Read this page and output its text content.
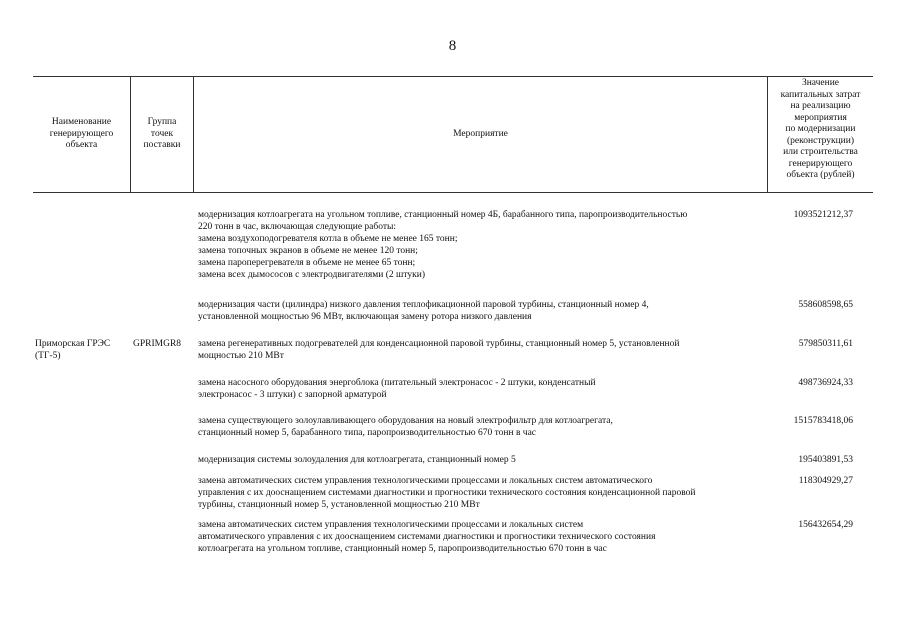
8
Наименование
генерирующего
объекта
Группа
точек
поставки
Мероприятие
Значение
капитальных затрат
на реализацию
мероприятия
по модернизации
(реконструкции)
или строительства
генерирующего
объекта (рублей)
Приморская ГРЭС
(ТГ-5)
GPRIMGR8
модернизация котлоагрегата на угольном топливе, станционный номер 4Б, барабанного типа, паропроизводительностью
220 тонн в час, включающая следующие работы:
замена воздухоподогревателя котла в объеме не менее 165 тонн;
замена топочных экранов в объеме не менее 120 тонн;
замена пароперегревателя в объеме не менее 65 тонн;
замена всех дымососов с электродвигателями (2 штуки)
1093521212,37
модернизация части (цилиндра) низкого давления теплофикационной паровой турбины, станционный номер 4,
установленной мощностью 96 МВт, включающая замену ротора низкого давления
558608598,65
замена регенеративных подогревателей для конденсационной паровой турбины, станционный номер 5, установленной
мощностью 210 МВт
579850311,61
замена насосного оборудования энергоблока (питательный электронасос - 2 штуки, конденсатный
электронасос - 3 штуки) с запорной арматурой
498736924,33
замена существующего золоулавливающего оборудования на новый электрофильтр для котлоагрегата,
станционный номер 5, барабанного типа, паропроизводительностью 670 тонн в час
1515783418,06
модернизация системы золоудаления для котлоагрегата, станционный номер 5	195403891,53
замена автоматических систем управления технологическими процессами и локальных систем автоматического
управления с их дооснащением системами диагностики и прогностики технического состояния конденсационной паровой
турбины, станционный номер 5, установленной мощностью 210 МВт
118304929,27
замена автоматических систем управления технологическими процессами и локальных систем
автоматического управления с их дооснащением системами диагностики и прогностики технического состояния
котлоагрегата на угольном топливе, станционный номер 5, паропроизводительностью 670 тонн в час
156432654,29
